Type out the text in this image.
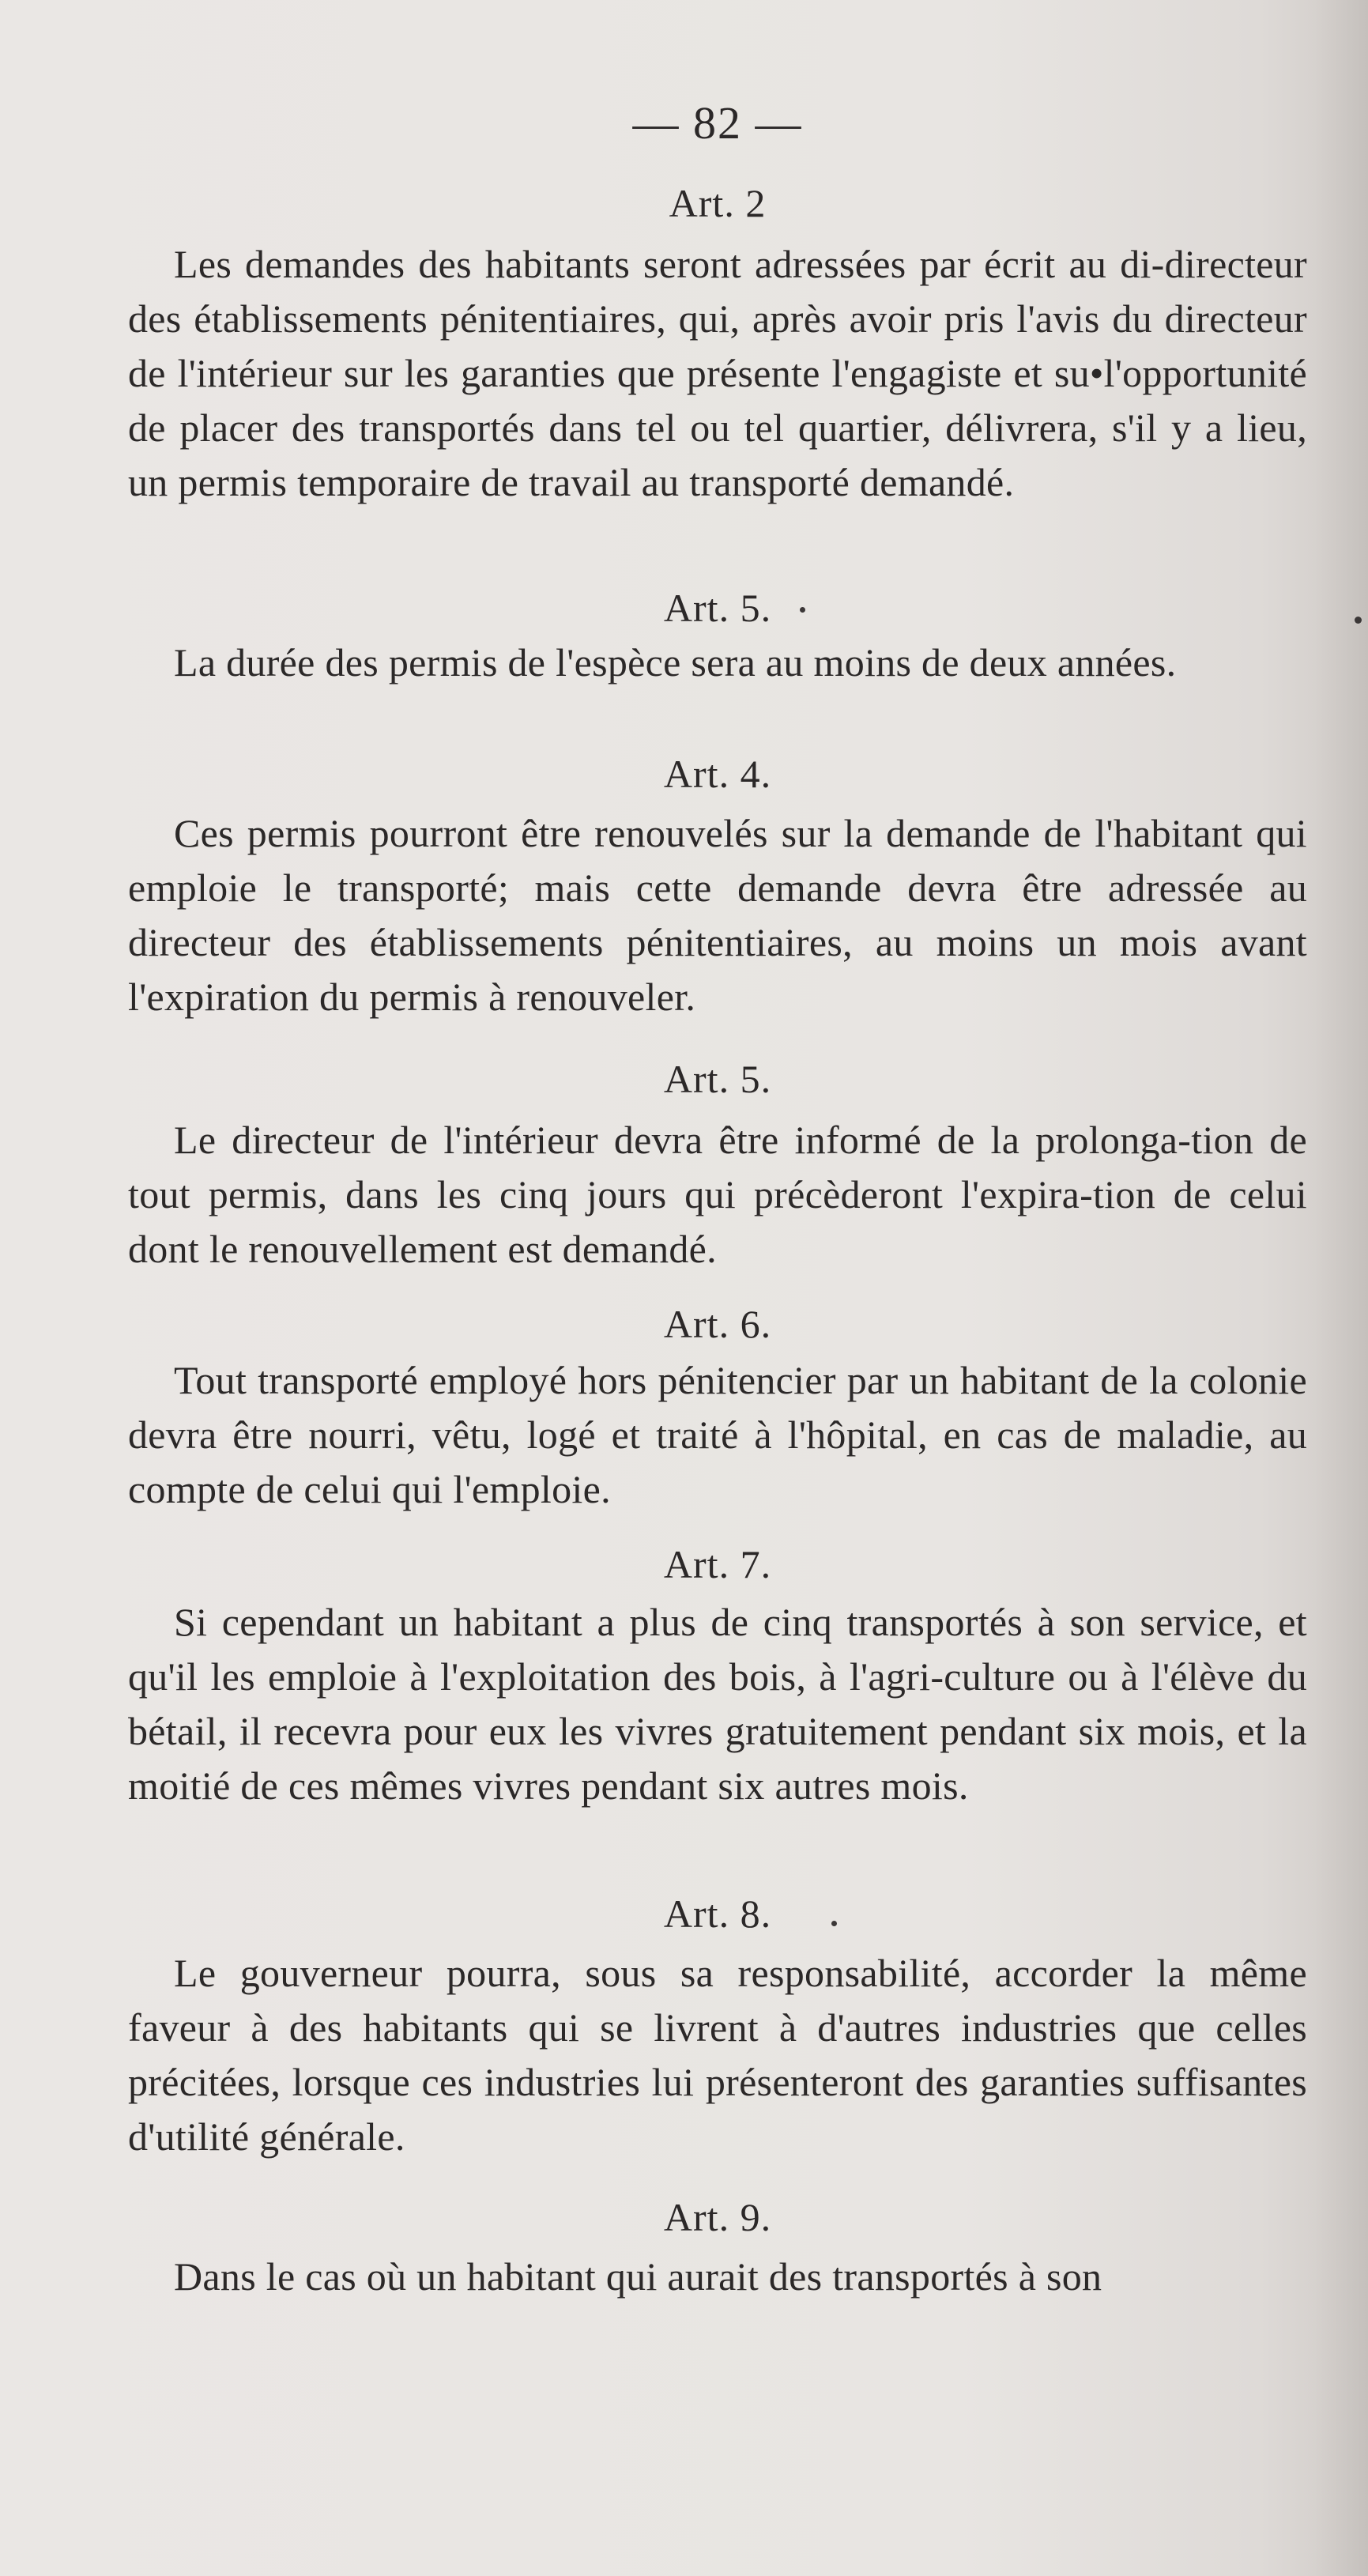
— 82 —
Art. 2
Les demandes des habitants seront adressées par écrit au di-directeur des établissements pénitentiaires, qui, après avoir pris l'avis du directeur de l'intérieur sur les garanties que présente l'engagiste et su•l'opportunité de placer des transportés dans tel ou tel quartier, délivrera, s'il y a lieu, un permis temporaire de travail au transporté demandé.
Art. 5.
La durée des permis de l'espèce sera au moins de deux années.
Art. 4.
Ces permis pourront être renouvelés sur la demande de l'habitant qui emploie le transporté; mais cette demande devra être adressée au directeur des établissements pénitentiaires, au moins un mois avant l'expiration du permis à renouveler.
Art. 5.
Le directeur de l'intérieur devra être informé de la prolonga-tion de tout permis, dans les cinq jours qui précèderont l'expira-tion de celui dont le renouvellement est demandé.
Art. 6.
Tout transporté employé hors pénitencier par un habitant de la colonie devra être nourri, vêtu, logé et traité à l'hôpital, en cas de maladie, au compte de celui qui l'emploie.
Art. 7.
Si cependant un habitant a plus de cinq transportés à son service, et qu'il les emploie à l'exploitation des bois, à l'agri-culture ou à l'élève du bétail, il recevra pour eux les vivres gratuitement pendant six mois, et la moitié de ces mêmes vivres pendant six autres mois.
Art. 8.
Le gouverneur pourra, sous sa responsabilité, accorder la même faveur à des habitants qui se livrent à d'autres industries que celles précitées, lorsque ces industries lui présenteront des garanties suffisantes d'utilité générale.
Art. 9.
Dans le cas où un habitant qui aurait des transportés à son
